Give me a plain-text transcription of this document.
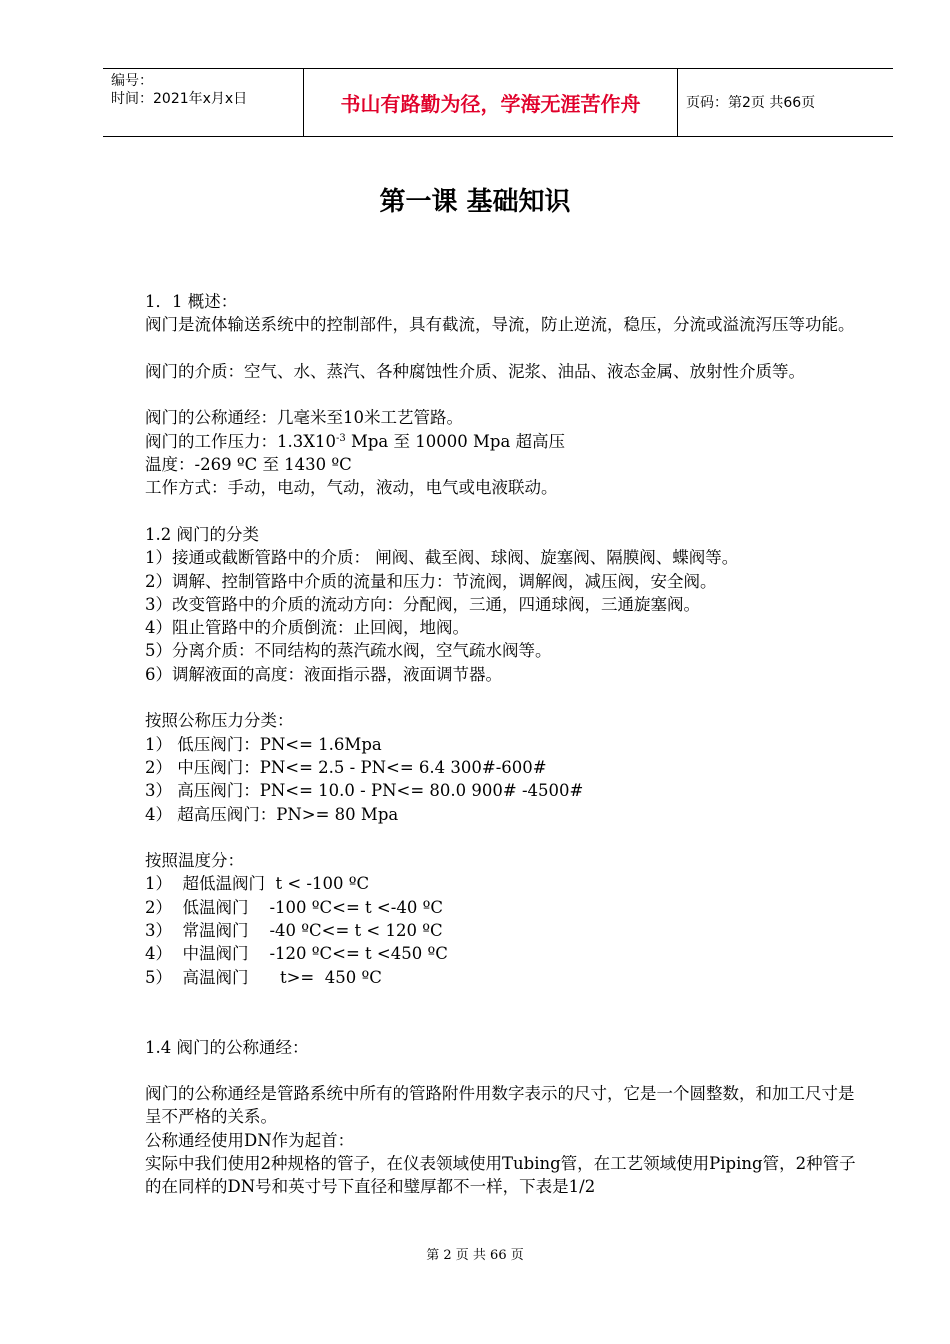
编号：
时间：2021年x月x日	书山有路勤为径，学海无涯苦作舟	页码：第2页 共66页
第一课 基础知识

1．1 概述：

阀门是流体输送系统中的控制部件，具有截流，导流，防止逆流，稳压，分流或溢流泻压等功能。

阀门的介质：空气、水、蒸汽、各种腐蚀性介质、泥浆、油品、液态金属、放射性介质等。

阀门的公称通经：几毫米至10米工艺管路。

阀门的工作压力：$1.3X10^{-3}$ Mpa 至 10000 Mpa 超高压

温度：-269 ºC 至 1430 ºC

工作方式：手动，电动，气动，液动，电气或电液联动。

1.2 阀门的分类

1）接通或截断管路中的介质： 闸阀、截至阀、球阀、旋塞阀、隔膜阀、蝶阀等。

2）调解、控制管路中介质的流量和压力：节流阀，调解阀，减压阀，安全阀。

3）改变管路中的介质的流动方向：分配阀，三通，四通球阀，三通旋塞阀。

4）阻止管路中的介质倒流：止回阀，地阀。

5）分离介质：不同结构的蒸汽疏水阀，空气疏水阀等。

6）调解液面的高度：液面指示器，液面调节器。

按照公称压力分类：

1） 低压阀门：PN<= 1.6Mpa

2） 中压阀门：PN<= 2.5 - PN<= 6.4 300#-600#

3） 高压阀门：PN<= 10.0 - PN<= 80.0 900# -4500#

4） 超高压阀门：PN>= 80 Mpa

按照温度分：

1）  超低温阀门  t < -100 ºC

2）  低温阀门    -100 ºC<= t <-40 ºC

3）  常温阀门    -40 ºC<= t < 120 ºC

4）  中温阀门    -120 ºC<= t <450 ºC

5）  高温阀门      t>=  450 ºC

1.4 阀门的公称通经：

阀门的公称通经是管路系统中所有的管路附件用数字表示的尺寸，它是一个圆整数，和加工尺寸是呈不严格的关系。

公称通经使用DN作为起首：

实际中我们使用2种规格的管子，在仪表领域使用Tubing管，在工艺领域使用Piping管，2种管子的在同样的DN号和英寸号下直径和璧厚都不一样，下表是1/2

第 2 页 共 66 页
